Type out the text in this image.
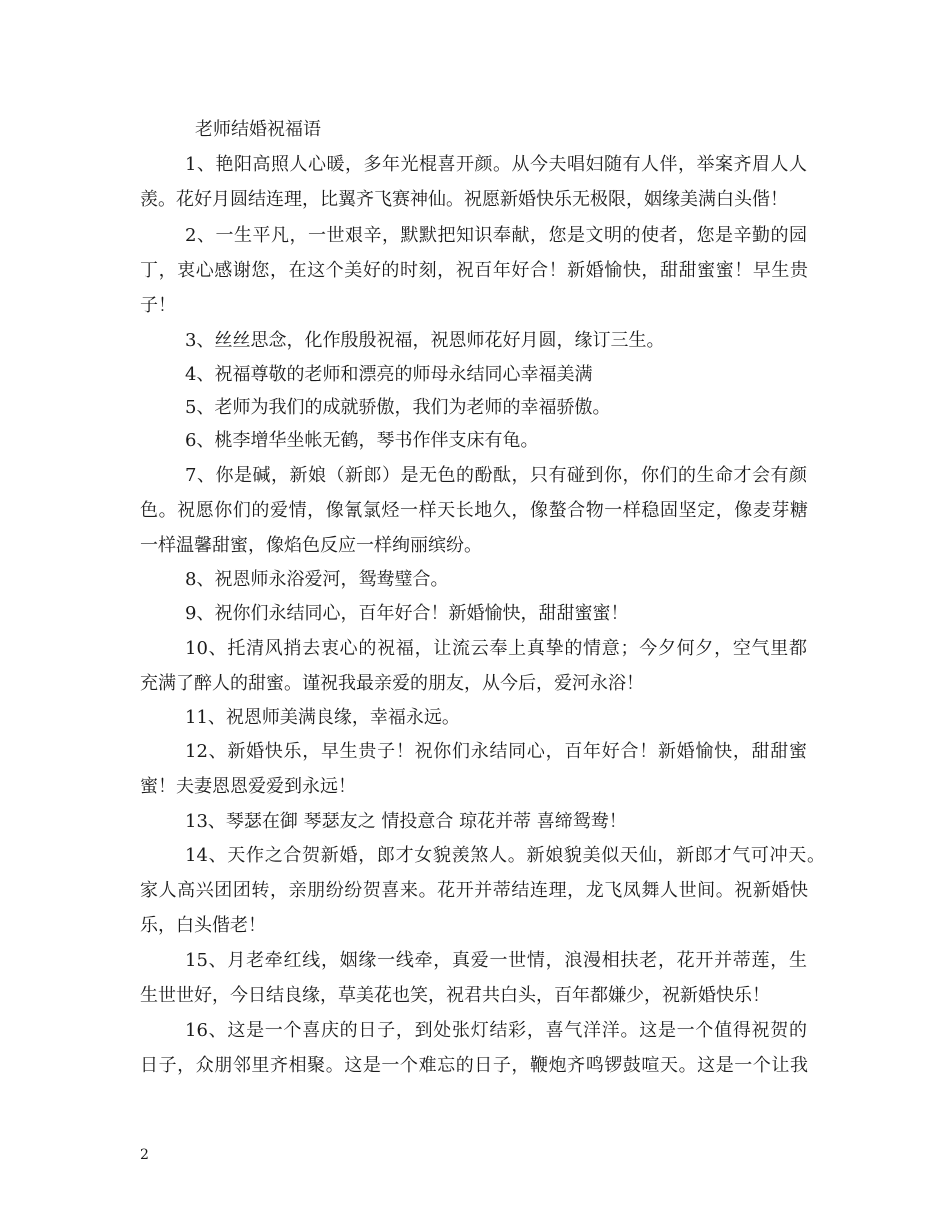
老师结婚祝福语
1、艳阳高照人心暖，多年光棍喜开颜。从今夫唱妇随有人伴，举案齐眉人人
羡。花好月圆结连理，比翼齐飞赛神仙。祝愿新婚快乐无极限，姻缘美满白头偕！
2、一生平凡，一世艰辛，默默把知识奉献，您是文明的使者，您是辛勤的园
丁，衷心感谢您，在这个美好的时刻，祝百年好合！新婚愉快，甜甜蜜蜜！早生贵
子！
3、丝丝思念，化作殷殷祝福，祝恩师花好月圆，缘订三生。
4、祝福尊敬的老师和漂亮的师母永结同心幸福美满
5、老师为我们的成就骄傲，我们为老师的幸福骄傲。
6、桃李增华坐帐无鹤，琴书作伴支床有龟。
7、你是碱，新娘（新郎）是无色的酚酞，只有碰到你，你们的生命才会有颜
色。祝愿你们的爱情，像氰氯烃一样天长地久，像螯合物一样稳固坚定，像麦芽糖
一样温馨甜蜜，像焰色反应一样绚丽缤纷。
8、祝恩师永浴爱河，鸳鸯璧合。
9、祝你们永结同心，百年好合！新婚愉快，甜甜蜜蜜！
10、托清风捎去衷心的祝福，让流云奉上真挚的情意；今夕何夕，空气里都
充满了醉人的甜蜜。谨祝我最亲爱的朋友，从今后，爱河永浴！
11、祝恩师美满良缘，幸福永远。
12、新婚快乐，早生贵子！祝你们永结同心，百年好合！新婚愉快，甜甜蜜
蜜！夫妻恩恩爱爱到永远！
13、琴瑟在御 琴瑟友之 情投意合 琼花并蒂 喜缔鸳鸯！
14、天作之合贺新婚，郎才女貌羡煞人。新娘貌美似天仙，新郎才气可冲天。
家人高兴团团转，亲朋纷纷贺喜来。花开并蒂结连理，龙飞凤舞人世间。祝新婚快
乐，白头偕老！
15、月老牵红线，姻缘一线牵，真爱一世情，浪漫相扶老，花开并蒂莲，生
生世世好，今日结良缘，草美花也笑，祝君共白头，百年都嫌少，祝新婚快乐！
16、这是一个喜庆的日子，到处张灯结彩，喜气洋洋。这是一个值得祝贺的
日子，众朋邻里齐相聚。这是一个难忘的日子，鞭炮齐鸣锣鼓喧天。这是一个让我
2
